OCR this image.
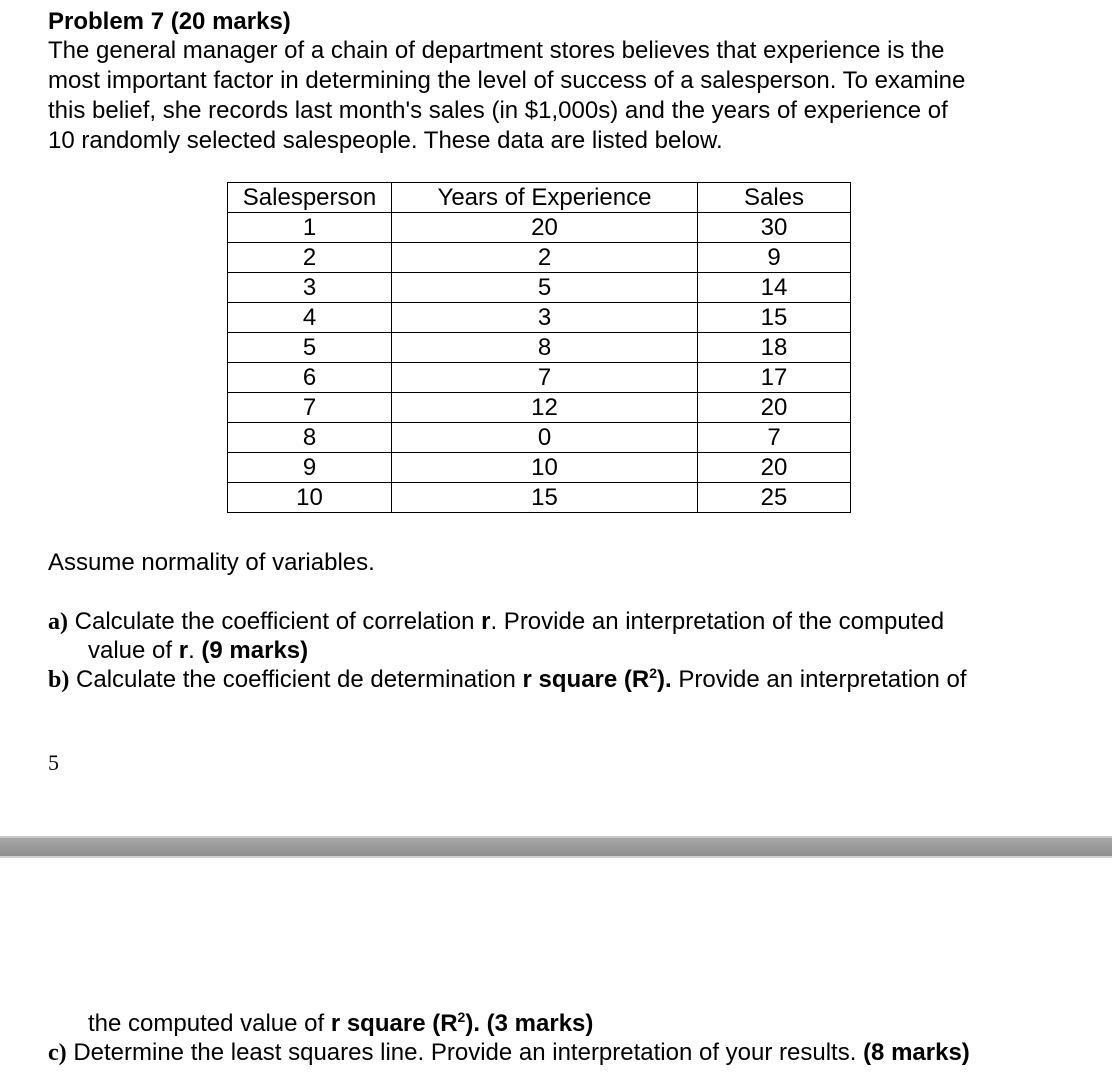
Problem 7 (20 marks)

The general manager of a chain of department stores believes that experience is the

most important factor in determining the level of success of a salesperson. To examine

this belief, she records last month's sales (in $1,000s) and the years of experience of

10 randomly selected salespeople. These data are listed below.

Salesperson	Years of Experience	Sales
1	20	30
2	2	9
3	5	14
4	3	15
5	8	18
6	7	17
7	12	20
8	0	7
9	10	20
10	15	25
Assume normality of variables.
a) Calculate the coefficient of correlation r. Provide an interpretation of the computed
value of r. (9 marks)
b) Calculate the coefficient de determination r square $(R^2)$. Provide an interpretation of
5
the computed value of r square $(R^2)$. (3 marks)
c) Determine the least squares line. Provide an interpretation of your results. (8 marks)
